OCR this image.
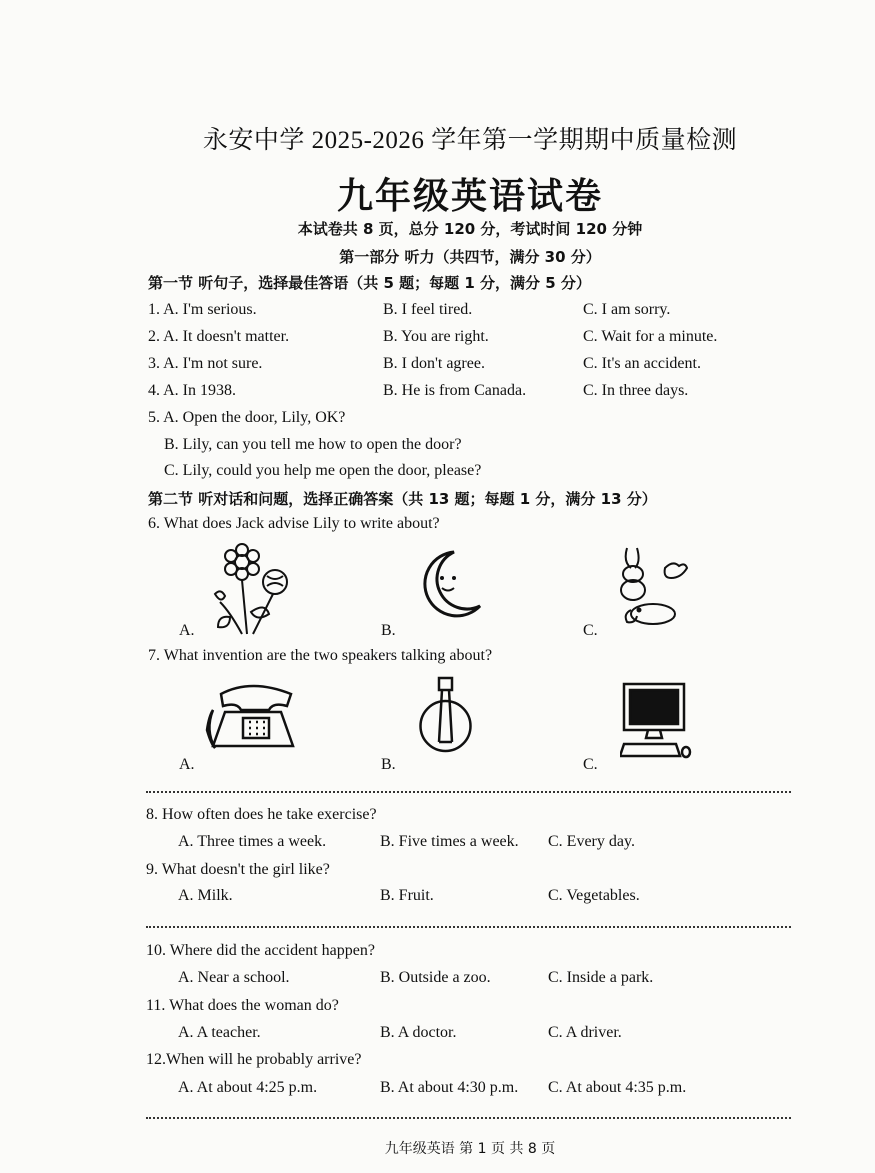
永安中学 2025-2026 学年第一学期期中质量检测
九年级英语试卷
本试卷共 8 页，总分 120 分，考试时间 120 分钟
第一部分 听力（共四节，满分 30 分）
第一节 听句子，选择最佳答语（共 5 题；每题 1 分，满分 5 分）
1. A. I'm serious.	B. I feel tired.	C. I am sorry.
2. A. It doesn't matter.	B. You are right.	C. Wait for a minute.
3. A. I'm not sure.	B. I don't agree.	C. It's an accident.
4. A. In 1938.	B. He is from Canada.	C. In three days.
5. A. Open the door, Lily, OK?
B. Lily, can you tell me how to open the door?
C. Lily, could you help me open the door, please?
第二节 听对话和问题，选择正确答案（共 13 题；每题 1 分，满分 13 分）
6. What does Jack advise Lily to write about?
A.	B.	C.
7. What invention are the two speakers talking about?
A.	B.	C.
8. How often does he take exercise?
A. Three times a week.	B. Five times a week. C. Every day.
9. What doesn't the girl like?
A. Milk.	B. Fruit.	C. Vegetables.
10. Where did the accident happen?
A. Near a school.	B. Outside a zoo.	C. Inside a park.
11. What does the woman do?
A. A teacher.	B. A doctor.	C. A driver.
12.When will he probably arrive?
A. At about 4:25 p.m.	B. At about 4:30 p.m. C. At about 4:35 p.m.
九年级英语 第 1 页 共 8 页
